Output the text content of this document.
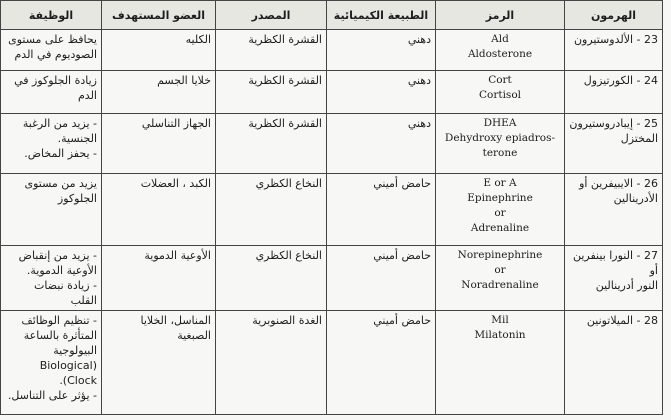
الهرمون	الرمز	الطبيعة الكيميائية	المصدر	العضو المستهدف	الوظيفة

23 - الألدوستيرون	Ald
Aldosterone	دهني	القشرة الكظرية	الكليه	يحافظ على مستوى
الصوديوم في الدم

24 - الكورتيزول	Cort
Cortisol	دهني	القشرة الكظرية	خلايا الجسم	زيادة الجلوكوز في
الدم

25 - إيبادروستيرون
المختزل	DHEA
Dehydroxy epiadros-
terone	دهني	القشرة الكظرية	الجهاز التناسلي	- يزيد من الرغبة
الجنسية.
- يحفز المخاض.

26 - الايبيفرين أو
الأدرينالين	E or A
Epinephrine
or
Adrenaline	حامض أميني	النخاع الكظري	الكبد ، العضلات	يزيد من مستوى
الجلوكوز

27 - النورا بينفرين أو
النور أدرينالين	Norepinephrine
or
Noradrenaline	حامض أميني	النخاع الكظري	الأوعية الدموية	- يزيد من إنقباض
الأوعية الدموية.
- زيادة نبضات القلب

28 - الميلاتونين	Mil
Milatonin	حامض أميني	الغدة الصنوبرية	المناسل، الخلايا
الصبغية	- تنظيم الوظائف
المتأثرة بالساعة
البيولوجية (Biological
Clock).
- يؤثر على التناسل.
